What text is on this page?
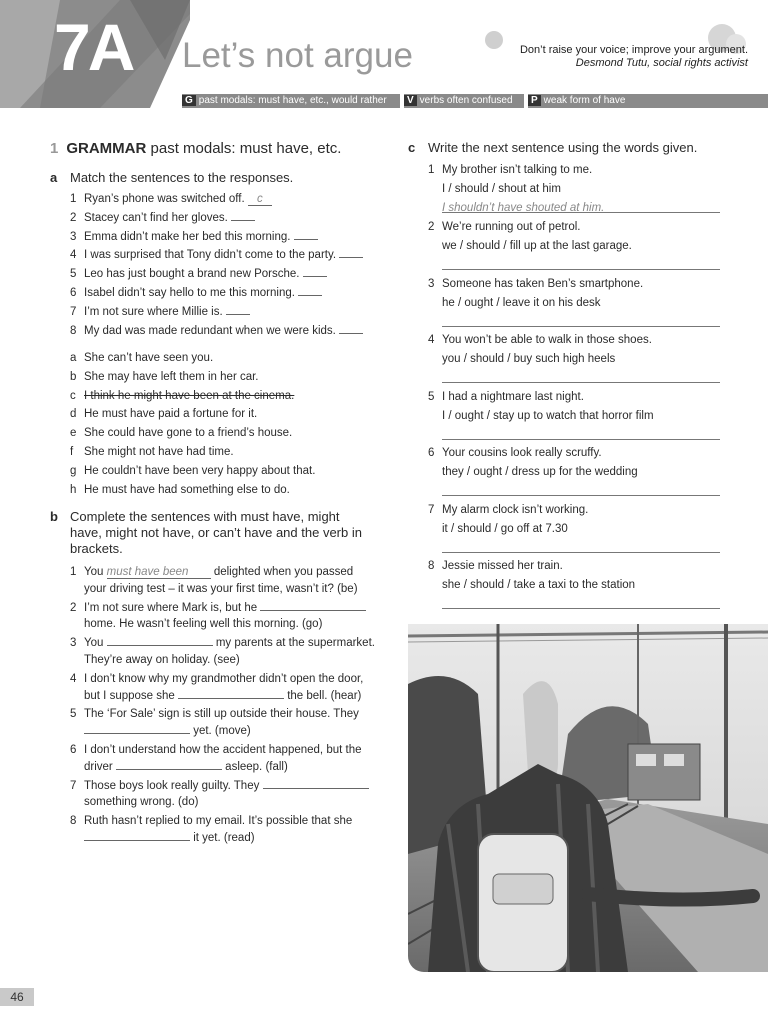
7A Let’s not argue	Don’t raise your voice; improve your argument.
Desmond Tutu, social rights activist
G past modals: must have, etc., would rather	V verbs often confused	P weak form of have
1 GRAMMAR past modals: must have, etc.
a Match the sentences to the responses.
1 Ryan’s phone was switched off. c
2 Stacey can’t find her gloves.
3 Emma didn’t make her bed this morning.
4 I was surprised that Tony didn’t come to the party.
5 Leo has just bought a brand new Porsche.
6 Isabel didn’t say hello to me this morning.
7 I’m not sure where Millie is.
8 My dad was made redundant when we were kids.
a She can’t have seen you.
b She may have left them in her car.
c I think he might have been at the cinema.
d He must have paid a fortune for it.
e She could have gone to a friend’s house.
f She might not have had time.
g He couldn’t have been very happy about that.
h He must have had something else to do.
b Complete the sentences with must have, might
have, might not have, or can’t have and the verb in
brackets.
1 You must have been delighted when you passed
your driving test – it was your first time, wasn’t it? (be)
2 I’m not sure where Mark is, but he
home. He wasn’t feeling well this morning. (go)
3 You	my parents at the supermarket.
They’re away on holiday. (see)
4 I don’t know why my grandmother didn’t open the door,
but I suppose she	the bell. (hear)
5 The ‘For Sale’ sign is still up outside their house. They
yet. (move)
6 I don’t understand how the accident happened, but the
driver	asleep. (fall)
7 Those boys look really guilty. They
something wrong. (do)
8 Ruth hasn’t replied to my email. It’s possible that she
it yet. (read)
c Write the next sentence using the words given.
1 My brother isn’t talking to me.
I / should / shout at him
I shouldn’t have shouted at him.
2 We’re running out of petrol.
we / should / fill up at the last garage.
3 Someone has taken Ben’s smartphone.
he / ought / leave it on his desk
4 You won’t be able to walk in those shoes.
you / should / buy such high heels
5 I had a nightmare last night.
I / ought / stay up to watch that horror film
6 Your cousins look really scruffy.
they / ought / dress up for the wedding
7 My alarm clock isn’t working.
it / should / go off at 7.30
8 Jessie missed her train.
she / should / take a taxi to the station
46
